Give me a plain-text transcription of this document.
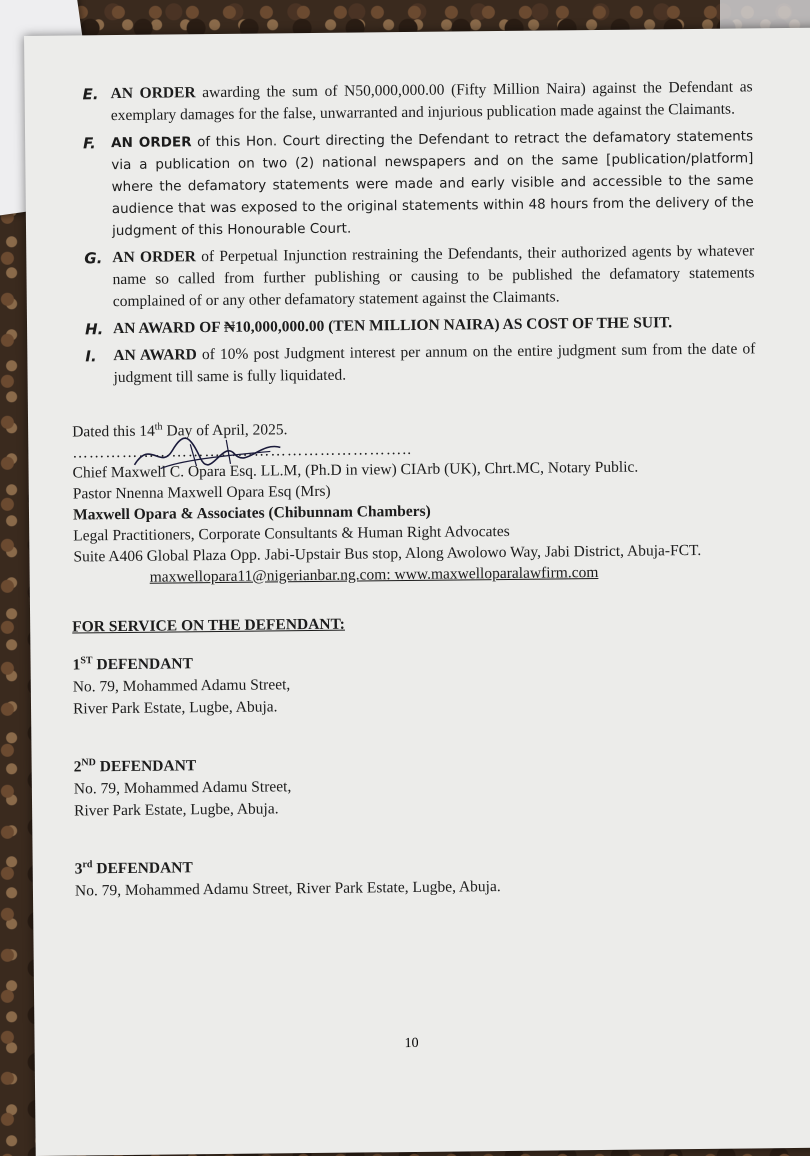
E. AN ORDER awarding the sum of N50,000,000.00 (Fifty Million Naira) against the Defendant as exemplary damages for the false, unwarranted and injurious publication made against the Claimants.
F.	AN ORDER of this Hon. Court directing the Defendant to retract the defamatory statements via a publication on two (2) national newspapers and on the same [publication/platform] where the defamatory statements were made and early visible and accessible to the same audience that was exposed to the original statements within 48 hours from the delivery of the judgment of this Honourable Court.
G. AN ORDER of Perpetual Injunction restraining the Defendants, their authorized agents by whatever name so called from further publishing or causing to be published the defamatory statements complained of or any other defamatory statement against the Claimants.
H. AN AWARD OF ₦10,000,000.00 (TEN MILLION NAIRA) AS COST OF THE SUIT.
I.	AN AWARD of 10% post Judgment interest per annum on the entire judgment sum from the date of judgment till same is fully liquidated.
Dated this 14th Day of April, 2025.
……………………………………………………..
Chief Maxwell C. Opara Esq. LL.M, (Ph.D in view) CIArb (UK), Chrt.MC, Notary Public.
Pastor Nnenna Maxwell Opara Esq (Mrs)
Maxwell Opara & Associates (Chibunnam Chambers)
Legal Practitioners, Corporate Consultants & Human Right Advocates
Suite A406 Global Plaza Opp. Jabi-Upstair Bus stop, Along Awolowo Way, Jabi District, Abuja-FCT.
maxwellopara11@nigerianbar.ng.com: www.maxwelloparalawfirm.com
FOR SERVICE ON THE DEFENDANT:
1ST DEFENDANT
No. 79, Mohammed Adamu Street,
River Park Estate, Lugbe, Abuja.
2ND DEFENDANT
No. 79, Mohammed Adamu Street,
River Park Estate, Lugbe, Abuja.
3rd DEFENDANT
No. 79, Mohammed Adamu Street, River Park Estate, Lugbe, Abuja.
10
